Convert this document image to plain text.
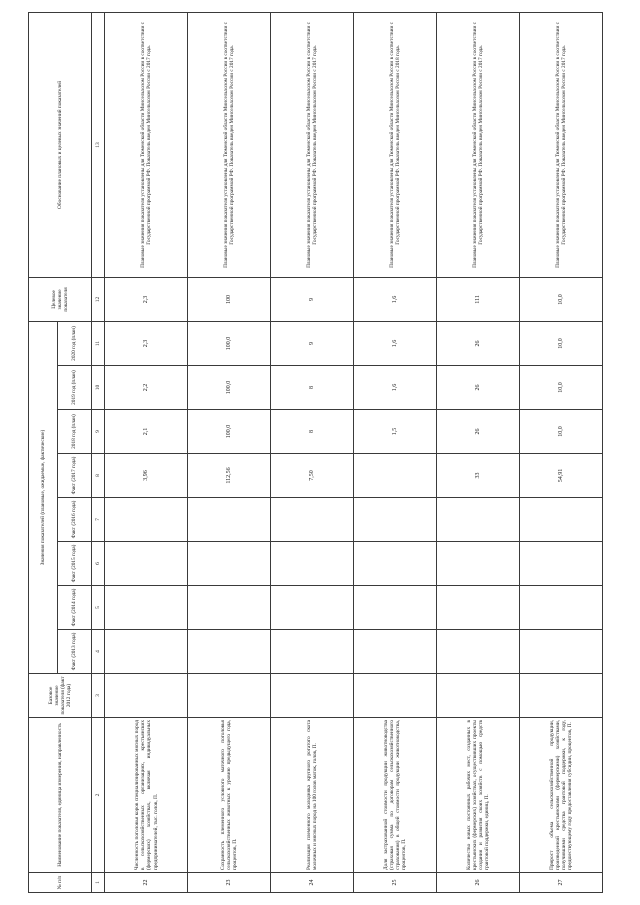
№ п/п	Наименование показателя, единица измерения, направленность	Базовое значение показателя (факт 2012 года)	Значения показателей (плановые, ожидаемые, фактические)								Целевое значение показателя	Обоснование плановых и целевых значений показателей
			Факт (2013 года)	Факт (2014 года)	Факт (2015 года)	Факт (2016 года)	Факт (2017 года)	2018 год (план)	2019 год (план)	2020 год (план)		
1	2	3	4	5	6	7	8	9	10	11	12	13
22	Численность поголовья коров специализированных мясных пород в сельскохозяйственных организациях, крестьянских (фермерских) хозяйствах, включая индивидуальных предпринимателей, тыс. голов, П.						3,96	2,1	2,2	2,3	2,3	Плановые значения показателя установлены для Тюменской области Минсельхозом России в соответствии с Государственной программой РФ. Показатель введен Минсельхозом России с 2017 года.
23	Сохранность племенного условного маточного поголовья сельскохозяйственных животных к уровню предыдущего года, процентов, П.						112,56	100,0	100,0	100,0	100	Плановые значения показателя установлены для Тюменской области Минсельхозом России в соответствии с Государственной программой РФ. Показатель введен Минсельхозом России с 2017 года.
24	Реализация племенного молодняка крупного рогатого скота молочных и мясных пород на 100 голов маток, голов, П.						7,50	8	8	9	9	Плановые значения показателя установлены для Тюменской области Минсельхозом России в соответствии с Государственной программой РФ. Показатель введен Минсельхозом России с 2017 года.
25	Доля застрахованной стоимости продукции животноводства (страховая сумма по договорам сельскохозяйственного страхования) в общей стоимости продукции животноводства, процентов, П.							1,5	1,6	1,6	1,6	Плановые значения показателя установлены для Тюменской области Минсельхозом России в соответствии с Государственной программой РФ. Показатель введен Минсельхозом России с 2018 года.
26	Количество новых постоянных рабочих мест, созданных в крестьянских (фермерских) хозяйствах, осуществивших проекты создания и развития своих хозяйств с помощью средств грантовой поддержки, единиц, П.						33	26	26	26	111	Плановые значения показателя установлены для Тюменской области Минсельхозом России в соответствии с Государственной программой РФ. Показатель введен Минсельхозом России с 2017 года.
27	Прирост объема сельскохозяйственной продукции, произведенной крестьянскими (фермерскими) хозяйствами, получившими средства грантовой поддержки, к году, предшествующему году предоставления субсидии, процентов, П.						54,91	10,0	10,0	10,0	10,0	Плановые значения показателя установлены для Тюменской области Минсельхозом России в соответствии с Государственной программой РФ. Показатель введен Минсельхозом России с 2017 года.
